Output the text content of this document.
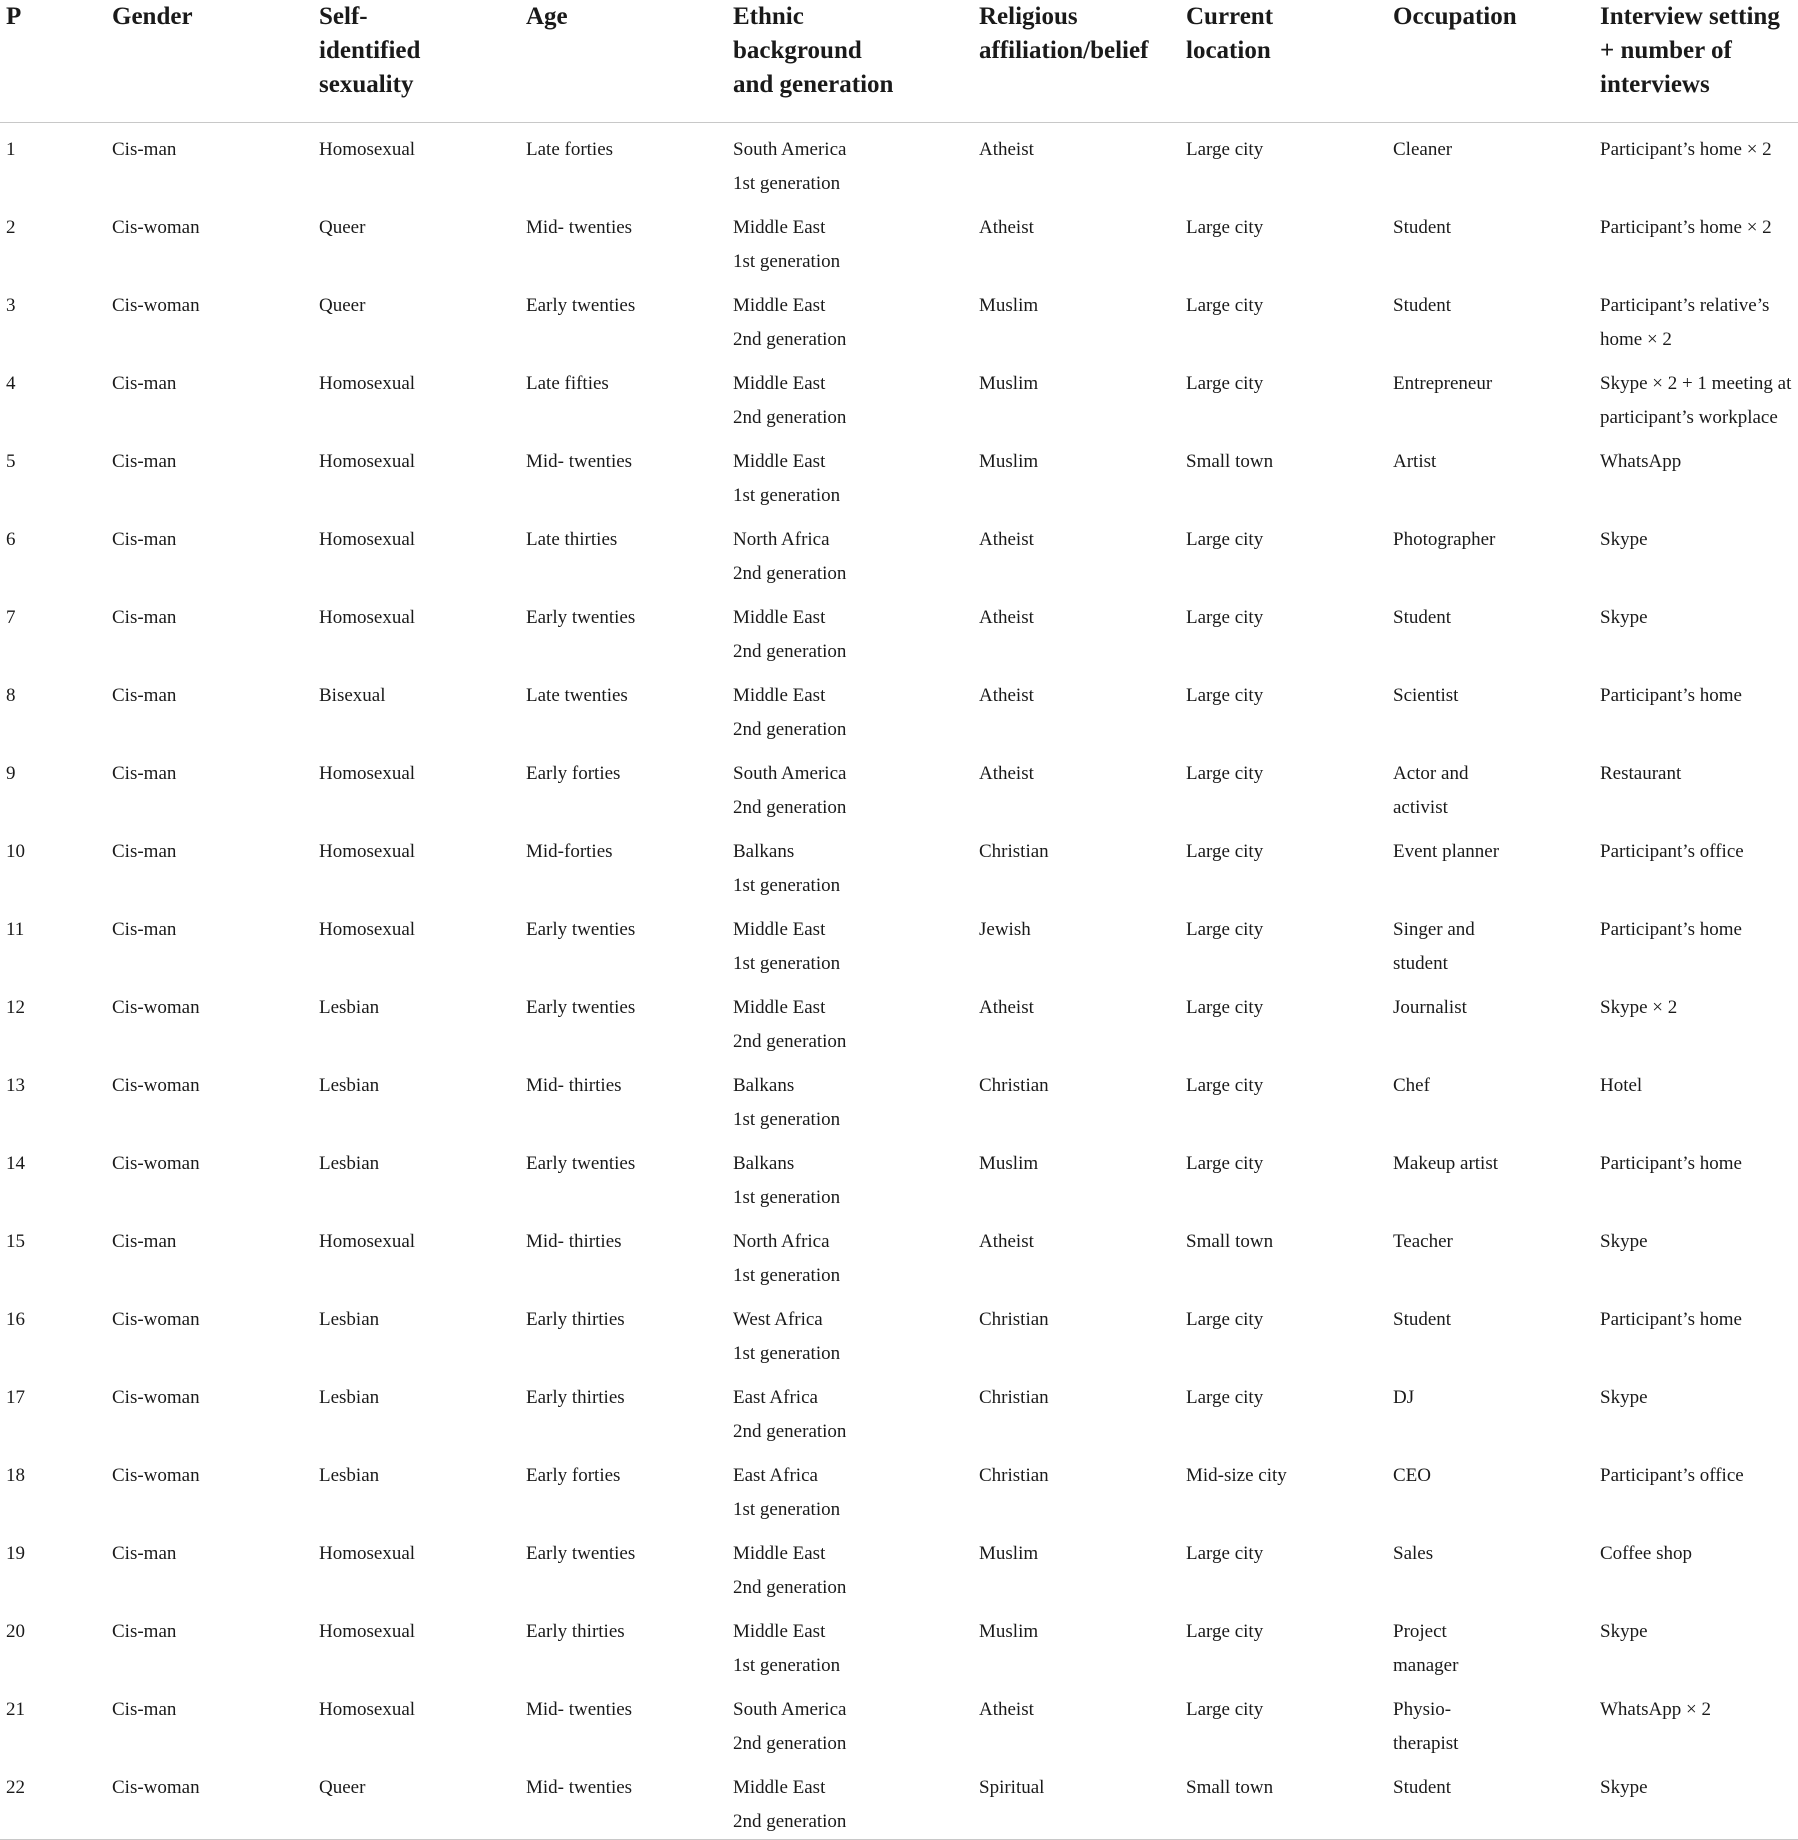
P	Gender	Self-
identified
sexuality	Age	Ethnic
background
and generation	Religious
affiliation/belief	Current
location	Occupation	Interview setting
+ number of
interviews
1	Cis-man	Homosexual	Late forties	South America
1st generation	Atheist	Large city	Cleaner	Participant’s home × 2
2	Cis-woman	Queer	Mid- twenties	Middle East
1st generation	Atheist	Large city	Student	Participant’s home × 2
3	Cis-woman	Queer	Early twenties	Middle East
2nd generation	Muslim	Large city	Student	Participant’s relative’s
home × 2
4	Cis-man	Homosexual	Late fifties	Middle East
2nd generation	Muslim	Large city	Entrepreneur	Skype × 2 + 1 meeting at
participant’s workplace
5	Cis-man	Homosexual	Mid- twenties	Middle East
1st generation	Muslim	Small town	Artist	WhatsApp
6	Cis-man	Homosexual	Late thirties	North Africa
2nd generation	Atheist	Large city	Photographer	Skype
7	Cis-man	Homosexual	Early twenties	Middle East
2nd generation	Atheist	Large city	Student	Skype
8	Cis-man	Bisexual	Late twenties	Middle East
2nd generation	Atheist	Large city	Scientist	Participant’s home
9	Cis-man	Homosexual	Early forties	South America
2nd generation	Atheist	Large city	Actor and
activist	Restaurant
10	Cis-man	Homosexual	Mid-forties	Balkans
1st generation	Christian	Large city	Event planner	Participant’s office
11	Cis-man	Homosexual	Early twenties	Middle East
1st generation	Jewish	Large city	Singer and
student	Participant’s home
12	Cis-woman	Lesbian	Early twenties	Middle East
2nd generation	Atheist	Large city	Journalist	Skype × 2
13	Cis-woman	Lesbian	Mid- thirties	Balkans
1st generation	Christian	Large city	Chef	Hotel
14	Cis-woman	Lesbian	Early twenties	Balkans
1st generation	Muslim	Large city	Makeup artist	Participant’s home
15	Cis-man	Homosexual	Mid- thirties	North Africa
1st generation	Atheist	Small town	Teacher	Skype
16	Cis-woman	Lesbian	Early thirties	West Africa
1st generation	Christian	Large city	Student	Participant’s home
17	Cis-woman	Lesbian	Early thirties	East Africa
2nd generation	Christian	Large city	DJ	Skype
18	Cis-woman	Lesbian	Early forties	East Africa
1st generation	Christian	Mid-size city	CEO	Participant’s office
19	Cis-man	Homosexual	Early twenties	Middle East
2nd generation	Muslim	Large city	Sales	Coffee shop
20	Cis-man	Homosexual	Early thirties	Middle East
1st generation	Muslim	Large city	Project
manager	Skype
21	Cis-man	Homosexual	Mid- twenties	South America
2nd generation	Atheist	Large city	Physio-
therapist	WhatsApp × 2
22	Cis-woman	Queer	Mid- twenties	Middle East
2nd generation	Spiritual	Small town	Student	Skype
